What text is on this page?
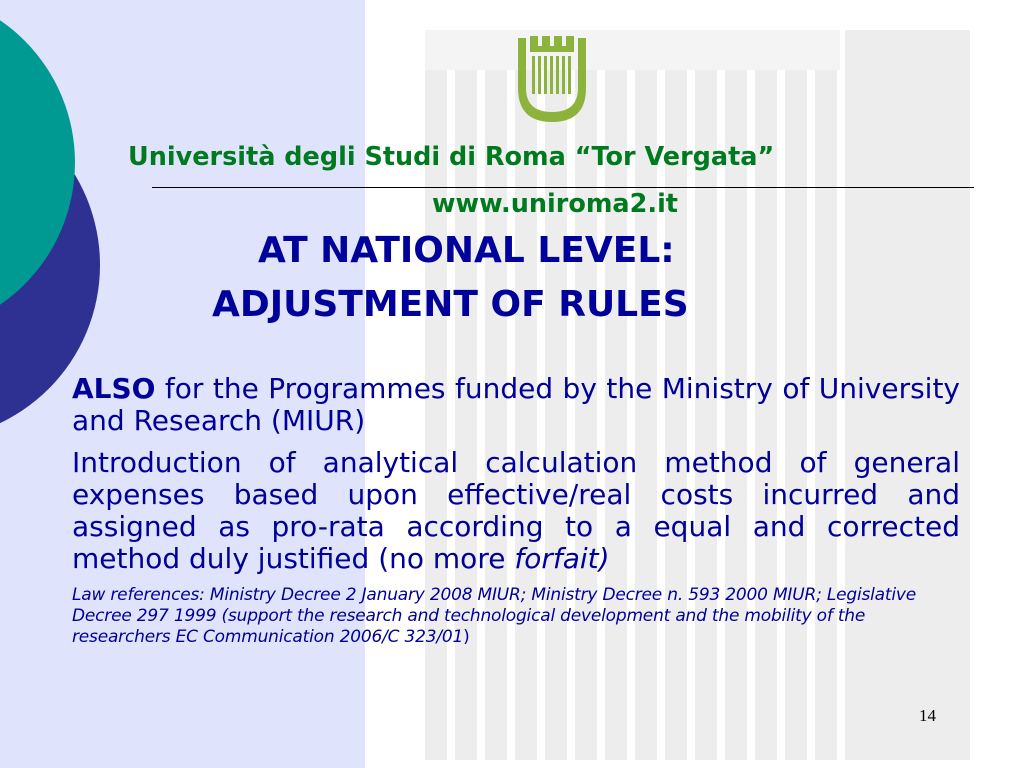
Università degli Studi di Roma “Tor Vergata”
www.uniroma2.it
AT NATIONAL LEVEL:
ADJUSTMENT OF RULES

ALSO for the Programmes funded by the Ministry of University and Research (MIUR)

Introduction of analytical calculation method of general expenses based upon effective/real costs incurred and assigned as pro-rata according to a equal and corrected method duly justified (no more forfait)

Law references: Ministry Decree 2 January 2008 MIUR; Ministry Decree n. 593 2000 MIUR; Legislative Decree 297 1999 (support the research and technological development and the mobility of the researchers EC Communication 2006/C 323/01)

14
